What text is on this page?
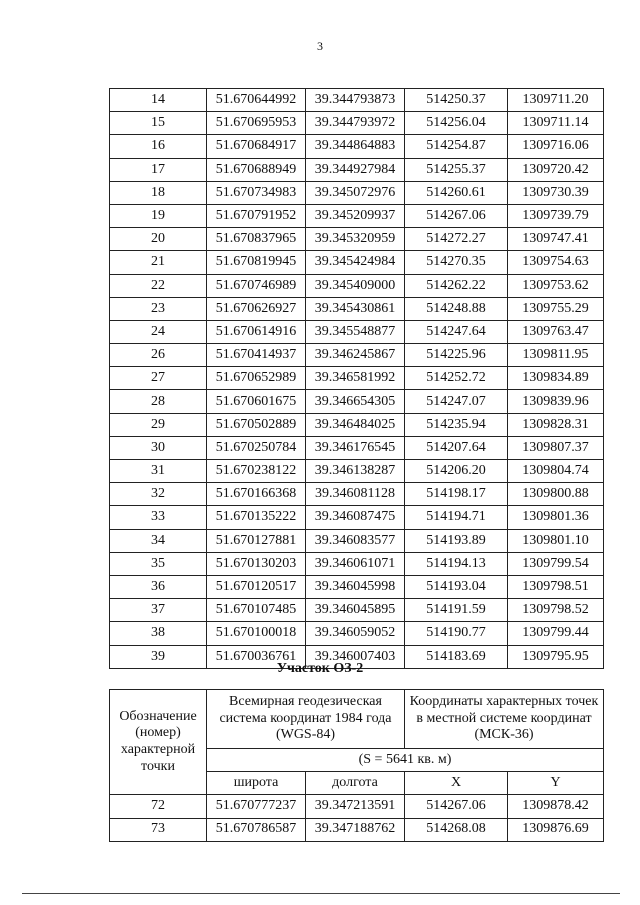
3
14	51.670644992	39.344793873	514250.37	1309711.20
15	51.670695953	39.344793972	514256.04	1309711.14
16	51.670684917	39.344864883	514254.87	1309716.06
17	51.670688949	39.344927984	514255.37	1309720.42
18	51.670734983	39.345072976	514260.61	1309730.39
19	51.670791952	39.345209937	514267.06	1309739.79
20	51.670837965	39.345320959	514272.27	1309747.41
21	51.670819945	39.345424984	514270.35	1309754.63
22	51.670746989	39.345409000	514262.22	1309753.62
23	51.670626927	39.345430861	514248.88	1309755.29
24	51.670614916	39.345548877	514247.64	1309763.47
26	51.670414937	39.346245867	514225.96	1309811.95
27	51.670652989	39.346581992	514252.72	1309834.89
28	51.670601675	39.346654305	514247.07	1309839.96
29	51.670502889	39.346484025	514235.94	1309828.31
30	51.670250784	39.346176545	514207.64	1309807.37
31	51.670238122	39.346138287	514206.20	1309804.74
32	51.670166368	39.346081128	514198.17	1309800.88
33	51.670135222	39.346087475	514194.71	1309801.36
34	51.670127881	39.346083577	514193.89	1309801.10
35	51.670130203	39.346061071	514194.13	1309799.54
36	51.670120517	39.346045998	514193.04	1309798.51
37	51.670107485	39.346045895	514191.59	1309798.52
38	51.670100018	39.346059052	514190.77	1309799.44
39	51.670036761	39.346007403	514183.69	1309795.95
Участок ОЗ-2
Обозначение (номер) характерной точки	Всемирная геодезическая система координат 1984 года (WGS-84)		Координаты характерных точек в местной системе координат (МСК-36)	
	(S = 5641 кв. м)			
	широта	долгота	X	Y
72	51.670777237	39.347213591	514267.06	1309878.42
73	51.670786587	39.347188762	514268.08	1309876.69
